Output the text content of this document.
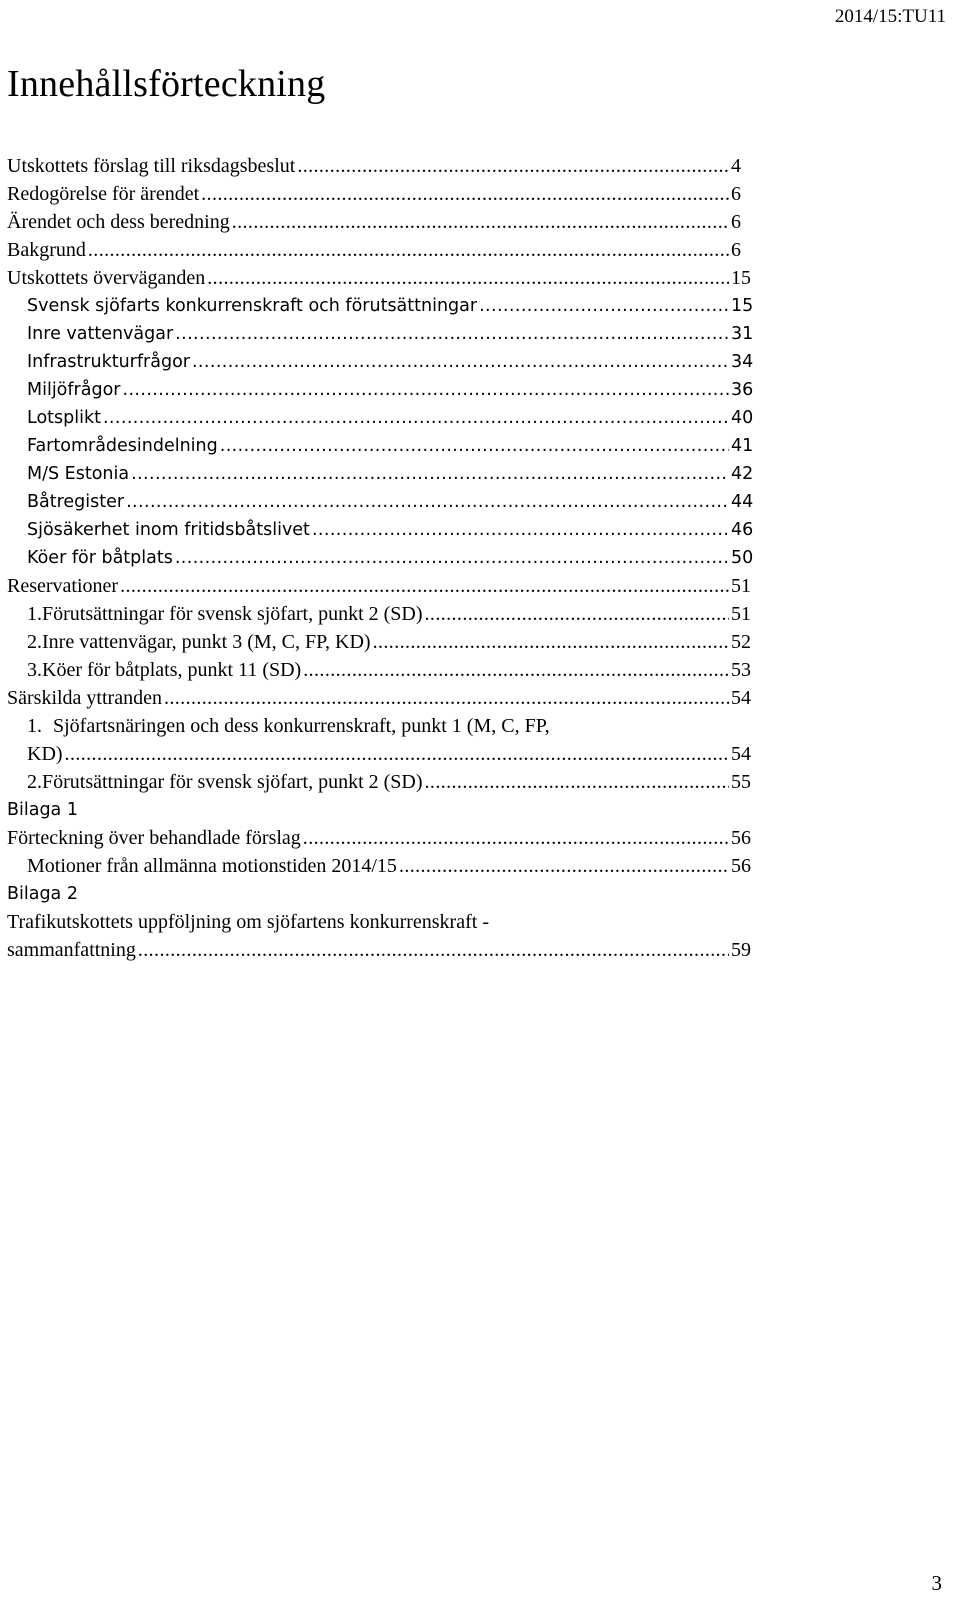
2014/15:TU11
Innehållsförteckning
Utskottets förslag till riksdagsbeslut .....	4
Redogörelse för ärendet .....	6
Ärendet och dess beredning .....	6
Bakgrund .....	6
Utskottets överväganden .....	15
Svensk sjöfarts konkurrenskraft och förutsättningar .....	15
Inre vattenvägar .....	31
Infrastrukturfrågor .....	34
Miljöfrågor .....	36
Lotsplikt .....	40
Fartområdesindelning .....	41
M/S Estonia .....	42
Båtregister .....	44
Sjösäkerhet inom fritidsbåtslivet .....	46
Köer för båtplats .....	50
Reservationer .....	51
1. Förutsättningar för svensk sjöfart, punkt 2 (SD) .....	51
2. Inre vattenvägar, punkt 3 (M, C, FP, KD) .....	52
3. Köer för båtplats, punkt 11 (SD) .....	53
Särskilda yttranden .....	54
1. Sjöfartsnäringen och dess konkurrenskraft, punkt 1 (M, C, FP,
KD) .....	54
2. Förutsättningar för svensk sjöfart, punkt 2 (SD) .....	55
Bilaga 1
Förteckning över behandlade förslag .....	56
Motioner från allmänna motionstiden 2014/15 .....	56
Bilaga 2
Trafikutskottets uppföljning om sjöfartens konkurrenskraft -
sammanfattning .....	59
3
